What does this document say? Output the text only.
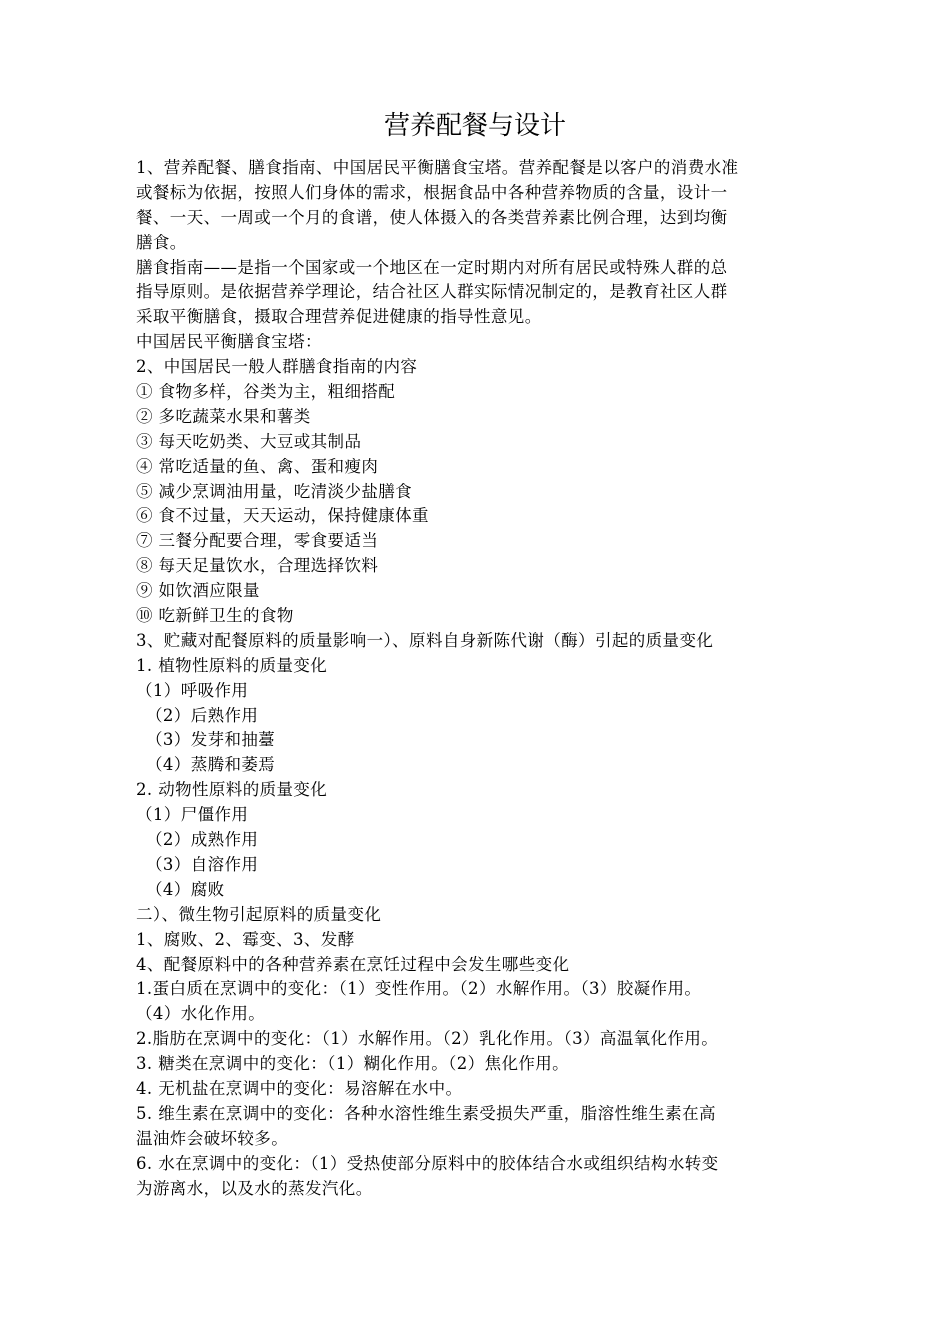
营养配餐与设计
1、营养配餐、膳食指南、中国居民平衡膳食宝塔。营养配餐是以客户的消费水准
或餐标为依据，按照人们身体的需求，根据食品中各种营养物质的含量，设计一
餐、一天、一周或一个月的食谱，使人体摄入的各类营养素比例合理，达到均衡
膳食。
膳食指南——是指一个国家或一个地区在一定时期内对所有居民或特殊人群的总
指导原则。是依据营养学理论，结合社区人群实际情况制定的，是教育社区人群
采取平衡膳食，摄取合理营养促进健康的指导性意见。
中国居民平衡膳食宝塔：
2、中国居民一般人群膳食指南的内容
① 食物多样，谷类为主，粗细搭配
② 多吃蔬菜水果和薯类
③ 每天吃奶类、大豆或其制品
④ 常吃适量的鱼、禽、蛋和瘦肉
⑤ 减少烹调油用量，吃清淡少盐膳食
⑥ 食不过量，天天运动，保持健康体重
⑦ 三餐分配要合理，零食要适当
⑧ 每天足量饮水，合理选择饮料
⑨ 如饮酒应限量
⑩ 吃新鲜卫生的食物
3、贮藏对配餐原料的质量影响一）、原料自身新陈代谢（酶）引起的质量变化
1. 植物性原料的质量变化
（1）呼吸作用
（2）后熟作用
（3）发芽和抽薹
（4）蒸腾和萎焉
2. 动物性原料的质量变化
（1）尸僵作用
（2）成熟作用
（3）自溶作用
（4）腐败
二）、微生物引起原料的质量变化
1、腐败、2、霉变、3、发酵
4、配餐原料中的各种营养素在烹饪过程中会发生哪些变化
1.蛋白质在烹调中的变化：（1）变性作用。（2）水解作用。（3）胶凝作用。
（4）水化作用。
2.脂肪在烹调中的变化：（1）水解作用。（2）乳化作用。（3）高温氧化作用。
3. 糖类在烹调中的变化：（1）糊化作用。（2）焦化作用。
4. 无机盐在烹调中的变化：易溶解在水中。
5. 维生素在烹调中的变化：各种水溶性维生素受损失严重，脂溶性维生素在高
温油炸会破坏较多。
6. 水在烹调中的变化：（1）受热使部分原料中的胶体结合水或组织结构水转变
为游离水，以及水的蒸发汽化。
